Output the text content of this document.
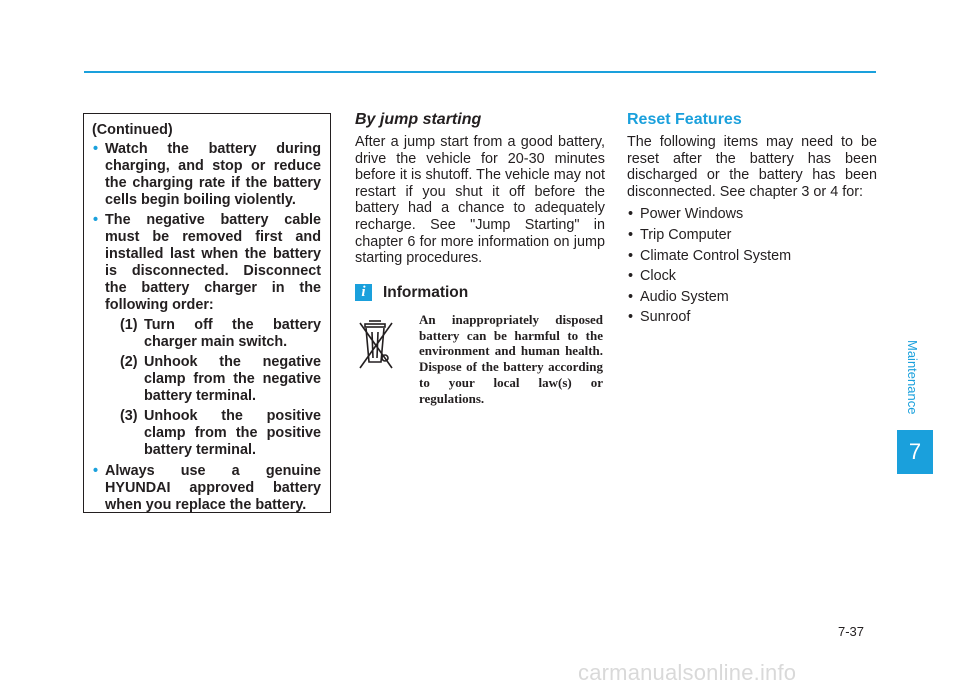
(Continued)
• Watch the battery during charging, and stop or reduce the charging rate if the battery cells begin boiling violently.
• The negative battery cable must be removed first and installed last when the battery is disconnected. Disconnect the battery charger in the following order:
(1) Turn off the battery charger main switch.
(2) Unhook the negative clamp from the negative battery terminal.
(3) Unhook the positive clamp from the positive battery terminal.
• Always use a genuine HYUNDAI approved battery when you replace the battery.
By jump starting

After a jump start from a good battery, drive the vehicle for 20-30 minutes before it is shutoff. The vehicle may not restart if you shut it off before the battery had a chance to adequately recharge. See "Jump Starting" in chapter 6 for more information on jump starting procedures.

i	Information
An inappropriately disposed battery can be harmful to the environment and human health. Dispose of the battery according to your local law(s) or regulations.
Reset Features

The following items may need to be reset after the battery has been discharged or the battery has been disconnected. See chapter 3 or 4 for:

• Power Windows
• Trip Computer
• Climate Control System
• Clock
• Audio System
• Sunroof
Maintenance
7
7-37
carmanualsonline.info
